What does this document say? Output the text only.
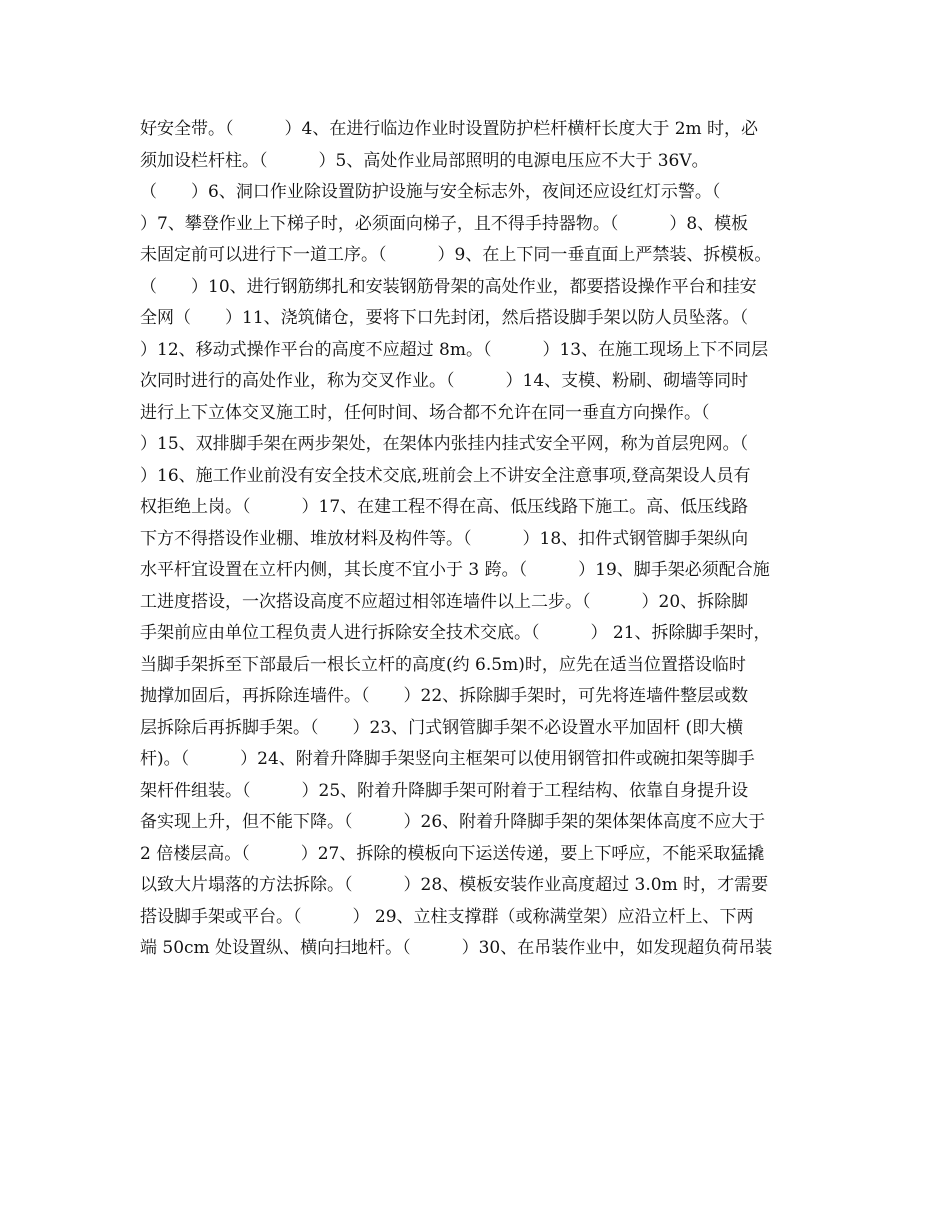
好安全带。（　　　）4、在进行临边作业时设置防护栏杆横杆长度大于 2m 时，必

须加设栏杆柱。（　　　）5、高处作业局部照明的电源电压应不大于 36V。

（　　）6、洞口作业除设置防护设施与安全标志外，夜间还应设红灯示警。（

）7、攀登作业上下梯子时，必须面向梯子，且不得手持器物。（　　　）8、模板

未固定前可以进行下一道工序。（　　　）9、在上下同一垂直面上严禁装、拆模板。

（　　）10、进行钢筋绑扎和安装钢筋骨架的高处作业，都要搭设操作平台和挂安

全网（　　）11、浇筑储仓，要将下口先封闭，然后搭设脚手架以防人员坠落。（

）12、移动式操作平台的高度不应超过 8m。（　　　）13、在施工现场上下不同层

次同时进行的高处作业，称为交叉作业。（　　　）14、支模、粉刷、砌墙等同时

进行上下立体交叉施工时，任何时间、场合都不允许在同一垂直方向操作。（

）15、双排脚手架在两步架处，在架体内张挂内挂式安全平网，称为首层兜网。（

）16、施工作业前没有安全技术交底,班前会上不讲安全注意事项,登高架设人员有

权拒绝上岗。（　　　）17、在建工程不得在高、低压线路下施工。高、低压线路

下方不得搭设作业棚、堆放材料及构件等。（　　　）18、扣件式钢管脚手架纵向

水平杆宜设置在立杆内侧，其长度不宜小于 3 跨。（　　　）19、脚手架必须配合施

工进度搭设，一次搭设高度不应超过相邻连墙件以上二步。（　　　）20、拆除脚

手架前应由单位工程负责人进行拆除安全技术交底。（　　　） 21、拆除脚手架时，

当脚手架拆至下部最后一根长立杆的高度(约 6.5m)时，应先在适当位置搭设临时

抛撑加固后，再拆除连墙件。（　　）22、拆除脚手架时，可先将连墙件整层或数

层拆除后再拆脚手架。（　　）23、门式钢管脚手架不必设置水平加固杆 (即大横

杆)。（　　　）24、附着升降脚手架竖向主框架可以使用钢管扣件或碗扣架等脚手

架杆件组装。（　　　）25、附着升降脚手架可附着于工程结构、依靠自身提升设

备实现上升，但不能下降。（　　　）26、附着升降脚手架的架体架体高度不应大于

2 倍楼层高。（　　　）27、拆除的模板向下运送传递，要上下呼应，不能采取猛撬

以致大片塌落的方法拆除。（　　　）28、模板安装作业高度超过 3.0m 时，才需要

搭设脚手架或平台。（　　　） 29、立柱支撑群（或称满堂架）应沿立杆上、下两

端 50cm 处设置纵、横向扫地杆。（　　　）30、在吊装作业中，如发现超负荷吊装
